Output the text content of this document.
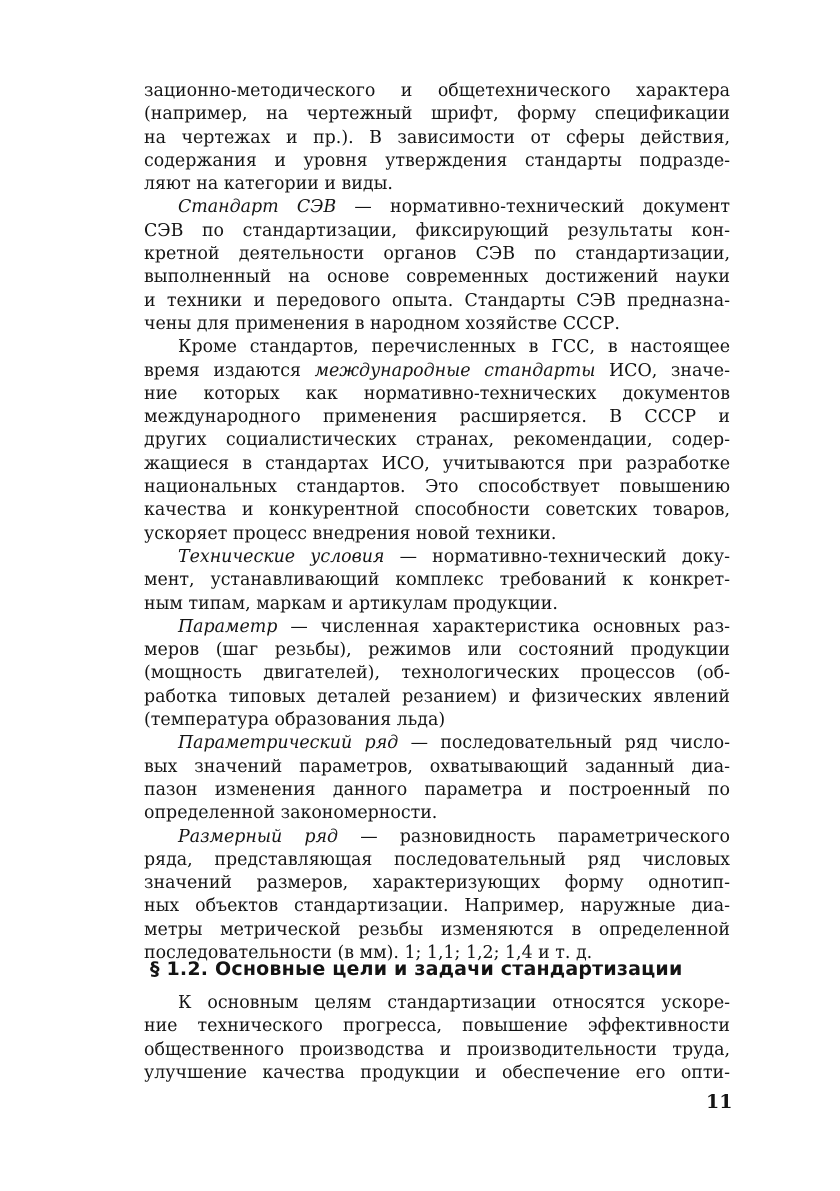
зационно-методического и общетехнического характера
(например, на чертежный шрифт, форму спецификации
на чертежах и пр.). В зависимости от сферы действия,
содержания и уровня утверждения стандарты подразде-
ляют на категории и виды.
Стандарт СЭВ — нормативно-технический документ
СЭВ по стандартизации, фиксирующий результаты кон-
кретной деятельности органов СЭВ по стандартизации,
выполненный на основе современных достижений науки
и техники и передового опыта. Стандарты СЭВ предназна-
чены для применения в народном хозяйстве СССР.
Кроме стандартов, перечисленных в ГСС, в настоящее
время издаются международные стандарты ИСО, значе-
ние которых как нормативно-технических документов
международного применения расширяется. В СССР и
других социалистических странах, рекомендации, содер-
жащиеся в стандартах ИСО, учитываются при разработке
национальных стандартов. Это способствует повышению
качества и конкурентной способности советских товаров,
ускоряет процесс внедрения новой техники.
Технические условия — нормативно-технический доку-
мент, устанавливающий комплекс требований к конкрет-
ным типам, маркам и артикулам продукции.
Параметр — численная характеристика основных раз-
меров (шаг резьбы), режимов или состояний продукции
(мощность двигателей), технологических процессов (об-
работка типовых деталей резанием) и физических явлений
(температура образования льда)
Параметрический ряд — последовательный ряд число-
вых значений параметров, охватывающий заданный диа-
пазон изменения данного параметра и построенный по
определенной закономерности.
Размерный ряд — разновидность параметрического
ряда, представляющая последовательный ряд числовых
значений размеров, характеризующих форму однотип-
ных объектов стандартизации. Например, наружные диа-
метры метрической резьбы изменяются в определенной
последовательности (в мм). 1; 1,1; 1,2; 1,4 и т. д.
§ 1.2. Основные цели и задачи стандартизации
К основным целям стандартизации относятся ускоре-
ние технического прогресса, повышение эффективности
общественного производства и производительности труда,
улучшение качества продукции и обеспечение его опти-
11
